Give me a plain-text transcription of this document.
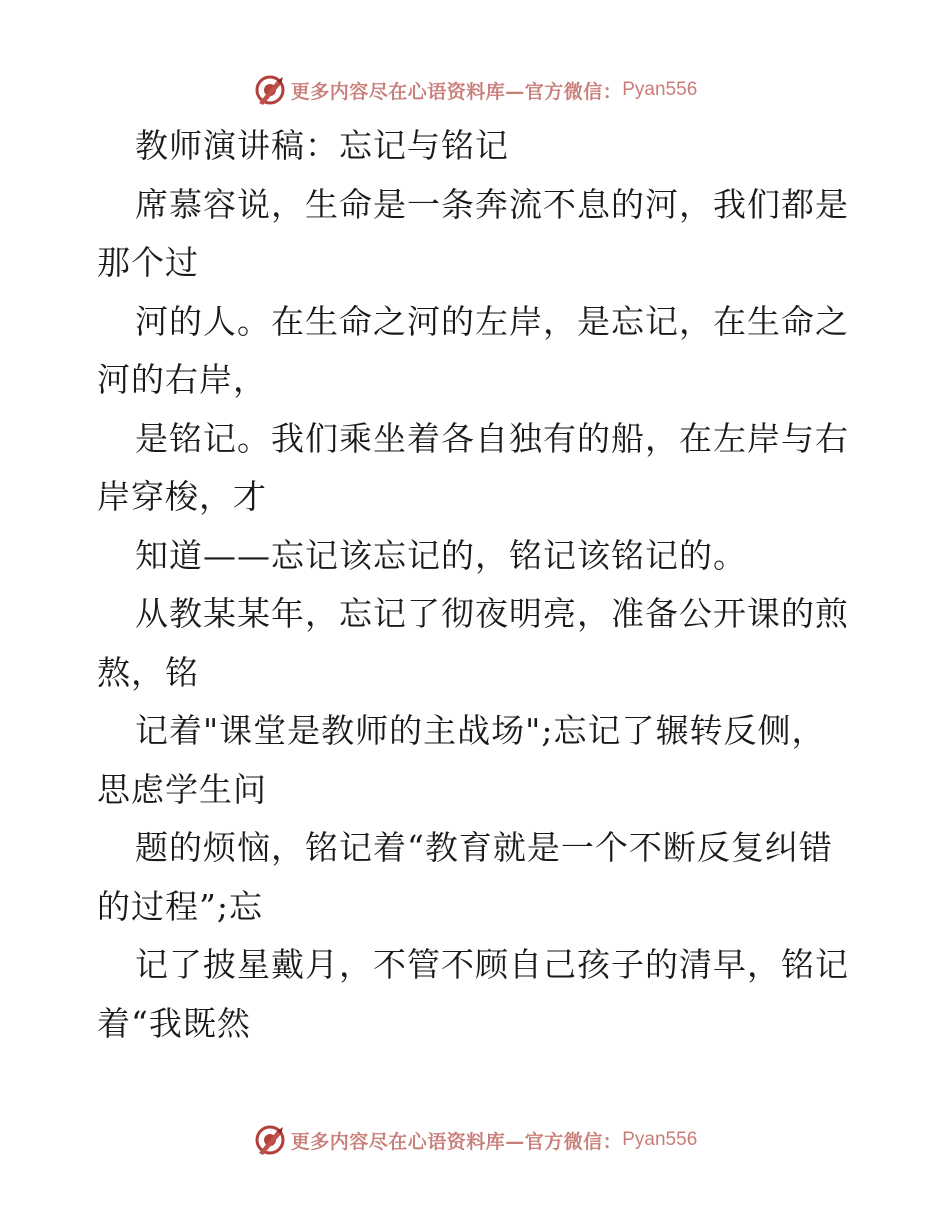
更多内容尽在心语资料库—官方微信： Pyan556
教师演讲稿：忘记与铭记
席慕容说，生命是一条奔流不息的河，我们都是
那个过
河的人。在生命之河的左岸，是忘记，在生命之
河的右岸，
是铭记。我们乘坐着各自独有的船，在左岸与右
岸穿梭，才
知道——忘记该忘记的，铭记该铭记的。
从教某某年，忘记了彻夜明亮，准备公开课的煎
熬，铭
记着"课堂是教师的主战场";忘记了辗转反侧，
思虑学生问
题的烦恼，铭记着“教育就是一个不断反复纠错
的过程”;忘
记了披星戴月，不管不顾自己孩子的清早，铭记
着“我既然
更多内容尽在心语资料库—官方微信： Pyan556
